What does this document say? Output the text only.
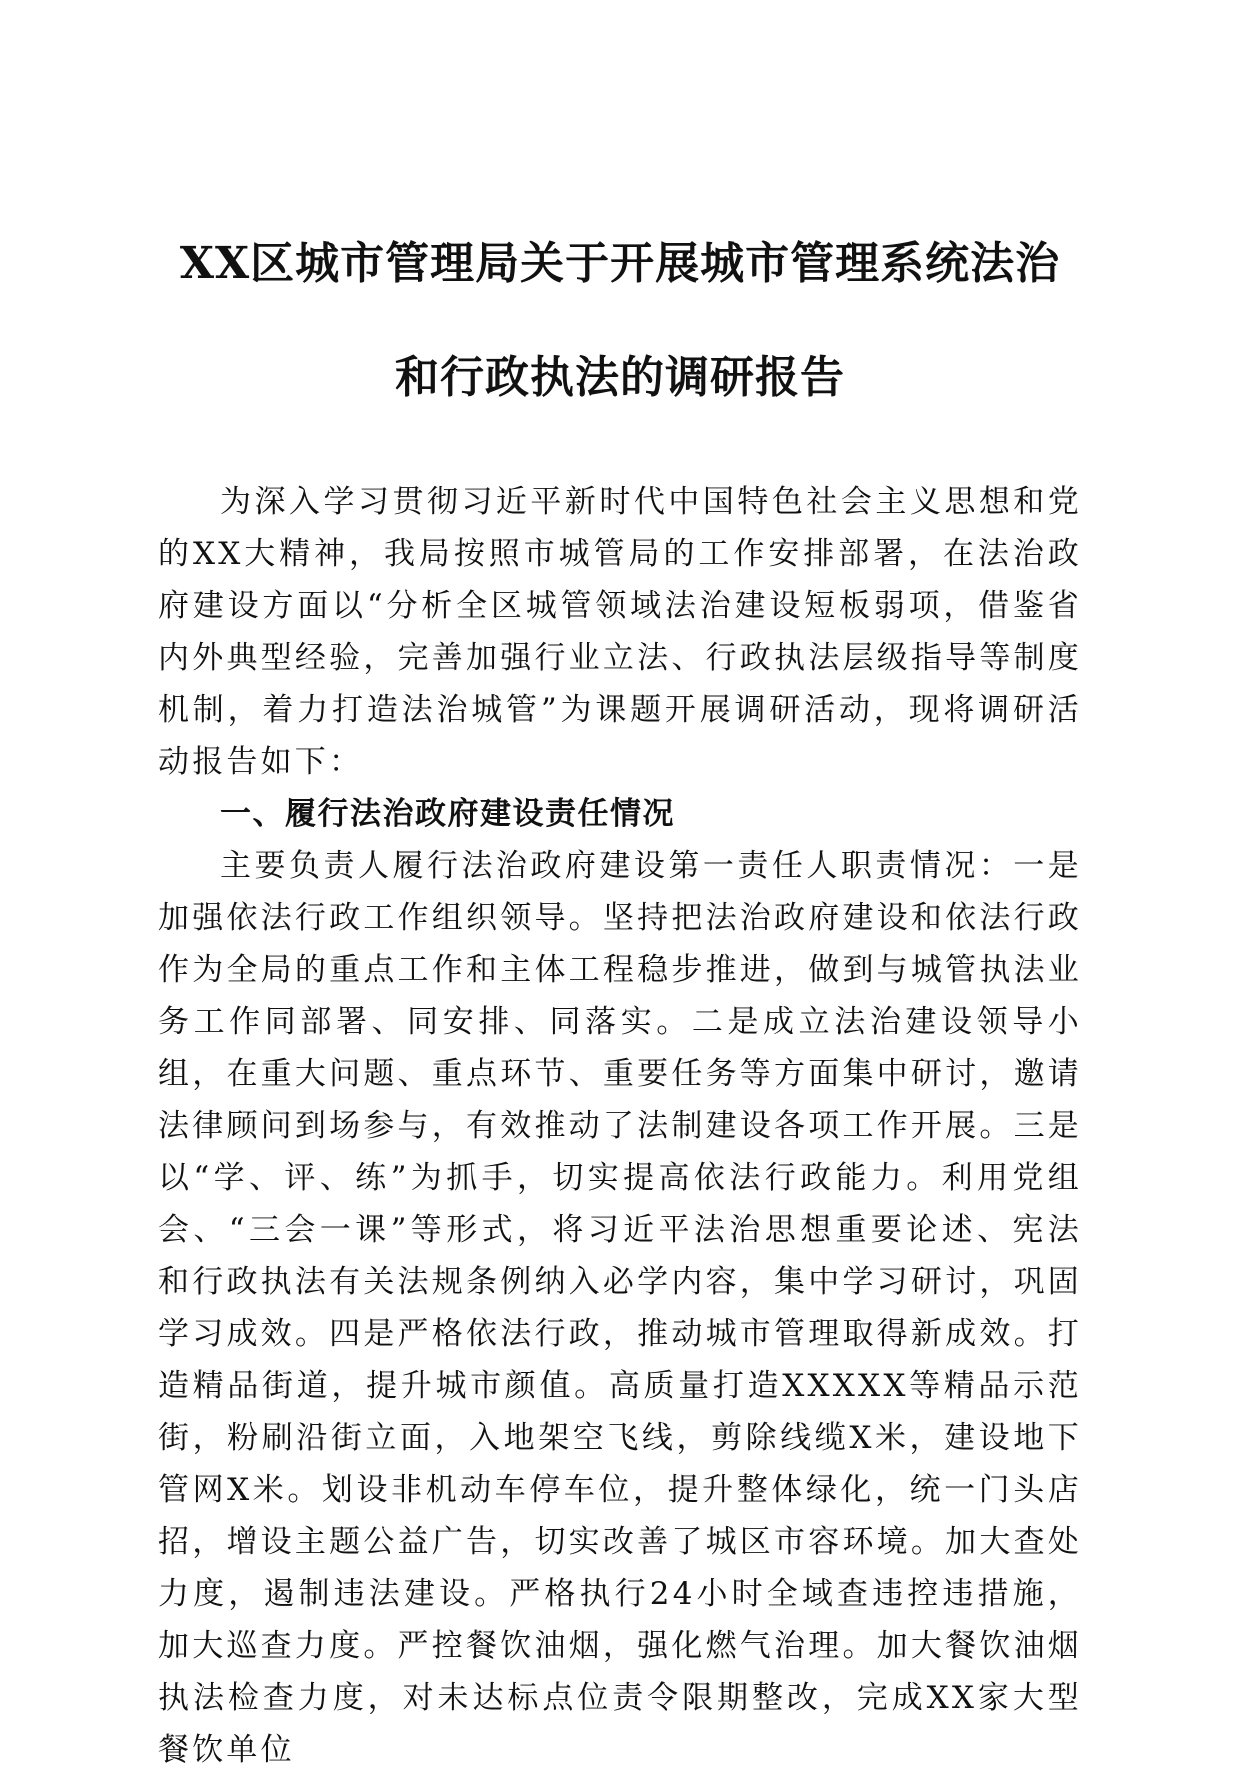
XX区城市管理局关于开展城市管理系统法治
和行政执法的调研报告

为深入学习贯彻习近平新时代中国特色社会主义思想和党的XX大精神，我局按照市城管局的工作安排部署，在法治政府建设方面以“分析全区城管领域法治建设短板弱项，借鉴省内外典型经验，完善加强行业立法、行政执法层级指导等制度机制，着力打造法治城管”为课题开展调研活动，现将调研活动报告如下：

一、履行法治政府建设责任情况

主要负责人履行法治政府建设第一责任人职责情况：一是加强依法行政工作组织领导。坚持把法治政府建设和依法行政作为全局的重点工作和主体工程稳步推进，做到与城管执法业务工作同部署、同安排、同落实。二是成立法治建设领导小组，在重大问题、重点环节、重要任务等方面集中研讨，邀请法律顾问到场参与，有效推动了法制建设各项工作开展。三是以“学、评、练”为抓手，切实提高依法行政能力。利用党组会、“三会一课”等形式，将习近平法治思想重要论述、宪法和行政执法有关法规条例纳入必学内容，集中学习研讨，巩固学习成效。四是严格依法行政，推动城市管理取得新成效。打造精品街道，提升城市颜值。高质量打造XXXXX等精品示范街，粉刷沿街立面，入地架空飞线，剪除线缆X米，建设地下管网X米。划设非机动车停车位，提升整体绿化，统一门头店招，增设主题公益广告，切实改善了城区市容环境。加大查处力度，遏制违法建设。严格执行24小时全域查违控违措施，加大巡查力度。严控餐饮油烟，强化燃气治理。加大餐饮油烟执法检查力度，对未达标点位责令限期整改，完成XX家大型餐饮单位
